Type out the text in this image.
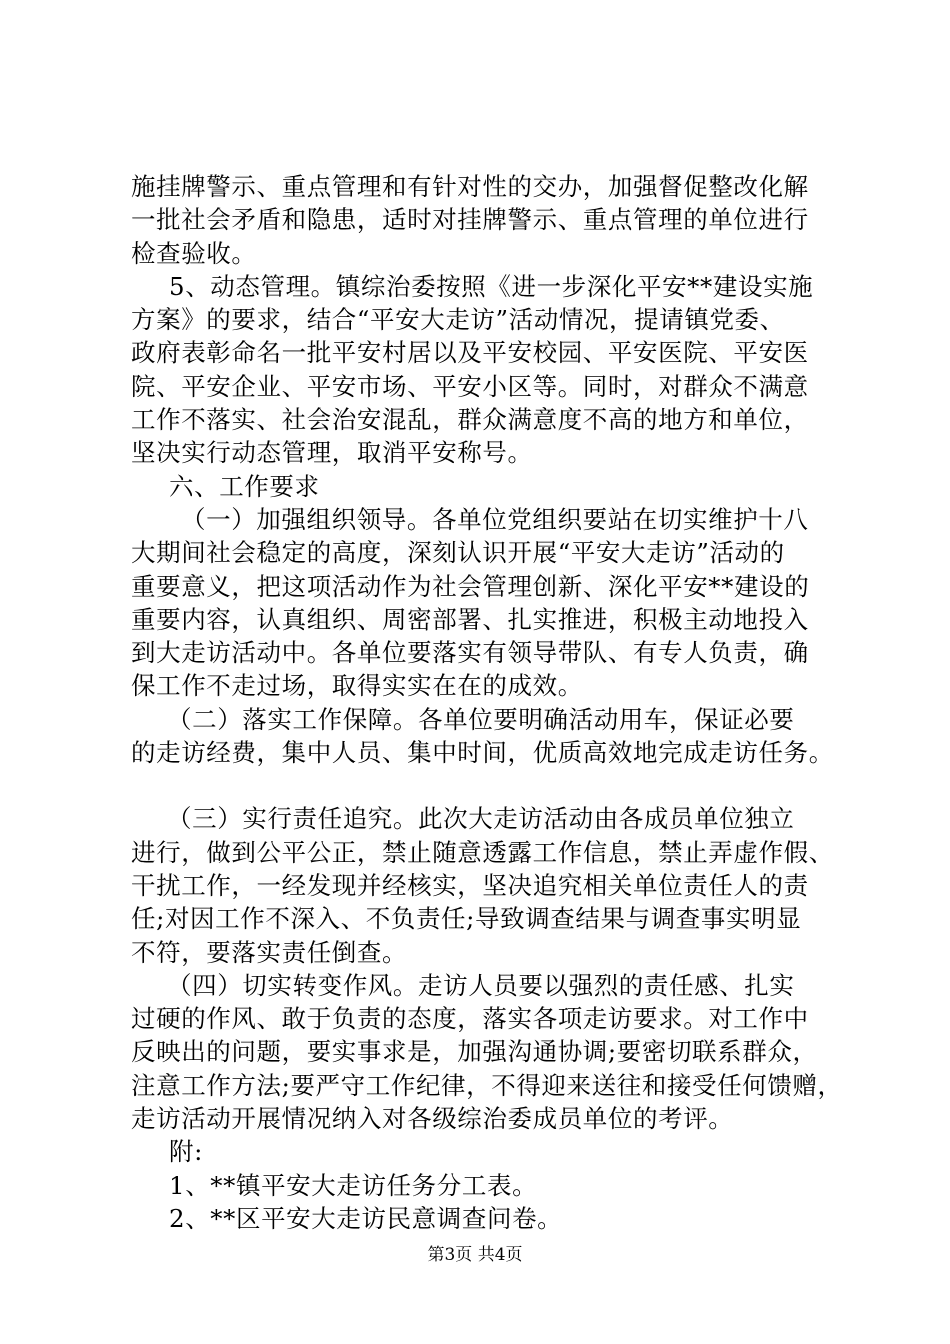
施挂牌警示、重点管理和有针对性的交办，加强督促整改化解
一批社会矛盾和隐患，适时对挂牌警示、重点管理的单位进行
检查验收。
5、动态管理。镇综治委按照《进一步深化平安**建设实施
方案》的要求，结合“平安大走访”活动情况，提请镇党委、
政府表彰命名一批平安村居以及平安校园、平安医院、平安医
院、平安企业、平安市场、平安小区等。同时，对群众不满意
工作不落实、社会治安混乱，群众满意度不高的地方和单位，
坚决实行动态管理，取消平安称号。
六、工作要求
（一）加强组织领导。各单位党组织要站在切实维护十八
大期间社会稳定的高度，深刻认识开展“平安大走访”活动的
重要意义，把这项活动作为社会管理创新、深化平安**建设的
重要内容，认真组织、周密部署、扎实推进，积极主动地投入
到大走访活动中。各单位要落实有领导带队、有专人负责，确
保工作不走过场，取得实实在在的成效。
（二）落实工作保障。各单位要明确活动用车，保证必要
的走访经费，集中人员、集中时间，优质高效地完成走访任务。
（三）实行责任追究。此次大走访活动由各成员单位独立
进行，做到公平公正，禁止随意透露工作信息，禁止弄虚作假、
干扰工作，一经发现并经核实，坚决追究相关单位责任人的责
任;对因工作不深入、不负责任;导致调查结果与调查事实明显
不符，要落实责任倒查。
（四）切实转变作风。走访人员要以强烈的责任感、扎实
过硬的作风、敢于负责的态度，落实各项走访要求。对工作中
反映出的问题，要实事求是，加强沟通协调;要密切联系群众，
注意工作方法;要严守工作纪律，不得迎来送往和接受任何馈赠，
走访活动开展情况纳入对各级综治委成员单位的考评。
附:
1、**镇平安大走访任务分工表。
2、**区平安大走访民意调查问卷。
第3页 共4页
